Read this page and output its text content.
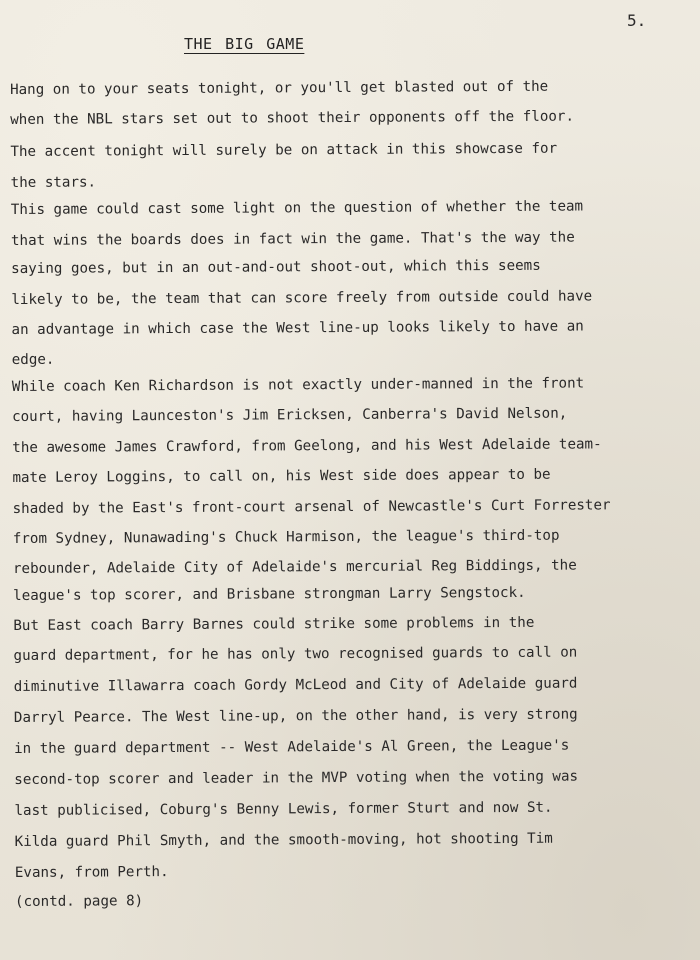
5.
THE BIG GAME
Hang on to your seats tonight, or you'll get blasted out of the
when the NBL stars set out to shoot their opponents off the floor.
The accent tonight will surely be on attack in this showcase for
the stars.
This game could cast some light on the question of whether the team
that wins the boards does in fact win the game. That's the way the
saying goes, but in an out-and-out shoot-out, which this seems
likely to be, the team that can score freely from outside could have
an advantage in which case the West line-up looks likely to have an
edge.
While coach Ken Richardson is not exactly under-manned in the front
court, having Launceston's Jim Ericksen, Canberra's David Nelson,
the awesome James Crawford, from Geelong, and his West Adelaide team-
mate Leroy Loggins, to call on, his West side does appear to be
shaded by the East's front-court arsenal of Newcastle's Curt Forrester
from Sydney, Nunawading's Chuck Harmison, the league's third-top
rebounder, Adelaide City of Adelaide's mercurial Reg Biddings, the
league's top scorer, and Brisbane strongman Larry Sengstock.
But East coach Barry Barnes could strike some problems in the
guard department, for he has only two recognised guards to call on
diminutive Illawarra coach Gordy McLeod and City of Adelaide guard
Darryl Pearce. The West line-up, on the other hand, is very strong
in the guard department -- West Adelaide's Al Green, the League's
second-top scorer and leader in the MVP voting when the voting was
last publicised, Coburg's Benny Lewis, former Sturt and now St.
Kilda guard Phil Smyth, and the smooth-moving, hot shooting Tim
Evans, from Perth.
(contd. page 8)
